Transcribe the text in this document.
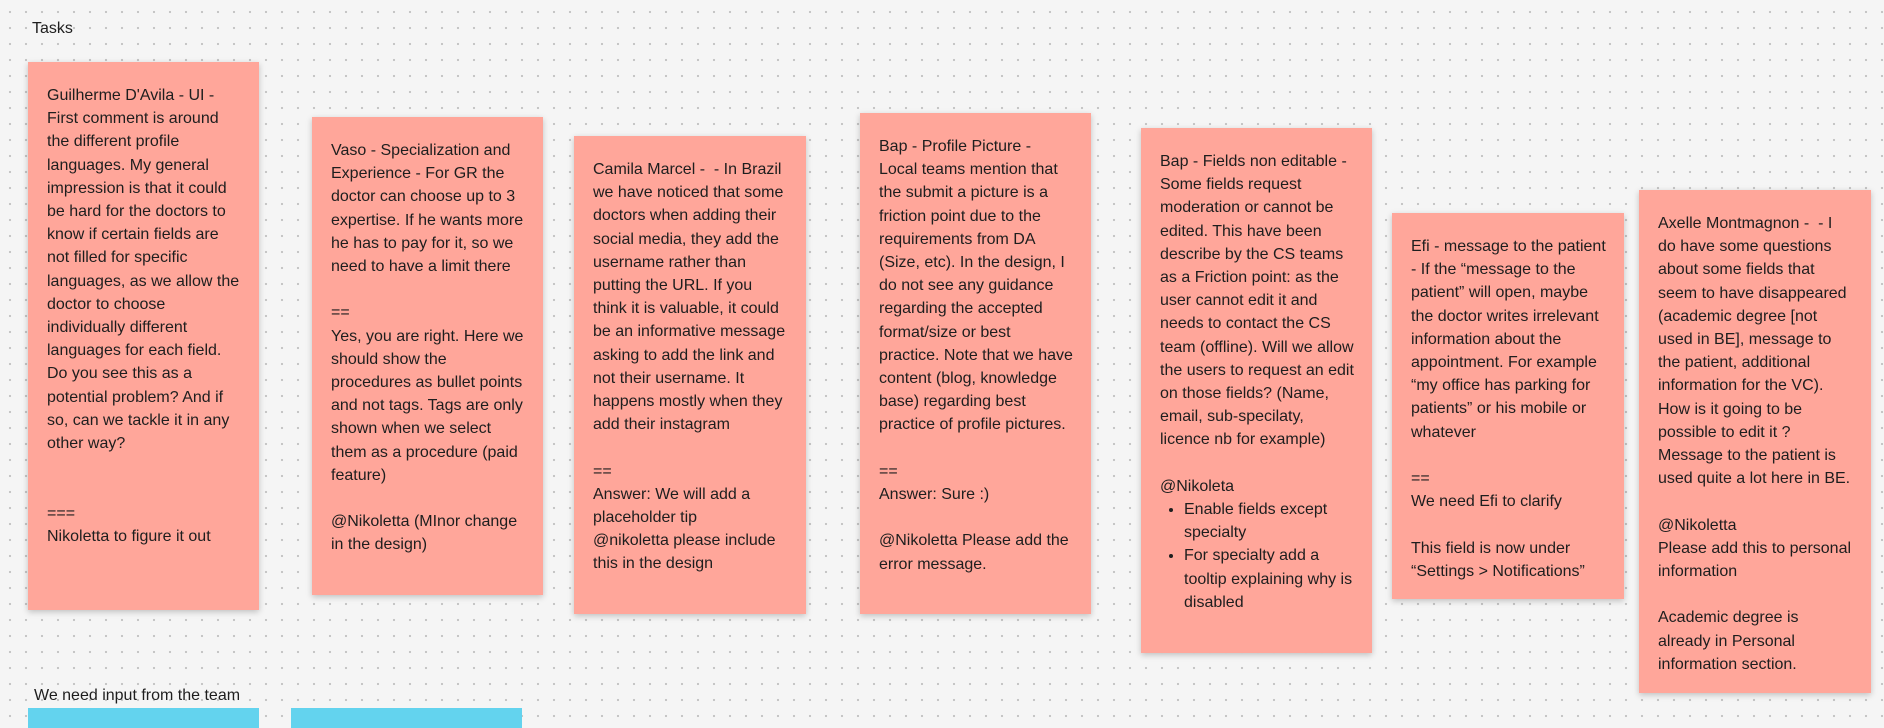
Tasks
Guilherme D'Avila - UI - First comment is around the different profile languages. My general impression is that it could be hard for the doctors to know if certain fields are not filled for specific languages, as we allow the doctor to choose individually different languages for each field. Do you see this as a potential problem? And if so, can we tackle it in any other way?

===
Nikoletta to figure it out
Vaso - Specialization and Experience - For GR the doctor can choose up to 3 expertise. If he wants more he has to pay for it, so we need to have a limit there

==
Yes, you are right. Here we should show the procedures as bullet points and not tags. Tags are only shown when we select them as a procedure (paid feature)

@Nikoletta (MInor change in the design)
Camila Marcel -  - In Brazil we have noticed that some doctors when adding their social media, they add the username rather than putting the URL. If you think it is valuable, it could be an informative message asking to add the link and not their username. It happens mostly when they add their instagram

==
Answer: We will add a placeholder tip
@nikoletta please include this in the design
Bap - Profile Picture - Local teams mention that the submit a picture is a friction point due to the requirements from DA (Size, etc). In the design, I do not see any guidance regarding the accepted format/size or best practice. Note that we have content (blog, knowledge base) regarding best practice of profile pictures.

==
Answer: Sure :)

@Nikoletta Please add the error message.
Bap - Fields non editable - Some fields request moderation or cannot be edited. This have been describe by the CS teams as a Friction point: as the user cannot edit it and needs to contact the CS team (offline). Will we allow the users to request an edit on those fields? (Name, email, sub-specilaty, licence nb for example)

@Nikoleta
• Enable fields except specialty
• For specialty add a tooltip explaining why is disabled
Efi - message to the patient - If the “message to the patient” will open, maybe the doctor writes irrelevant information about the appointment. For example “my office has parking for patients” or his mobile or whatever

==
We need Efi to clarify

This field is now under “Settings > Notifications”
Axelle Montmagnon -  - I do have some questions about some fields that seem to have disappeared (academic degree [not used in BE], message to the patient, additional information for the VC). How is it going to be possible to edit it ?
Message to the patient is used quite a lot here in BE.

@Nikoletta
Please add this to personal information

Academic degree is already in Personal information section.
We need input from the team
